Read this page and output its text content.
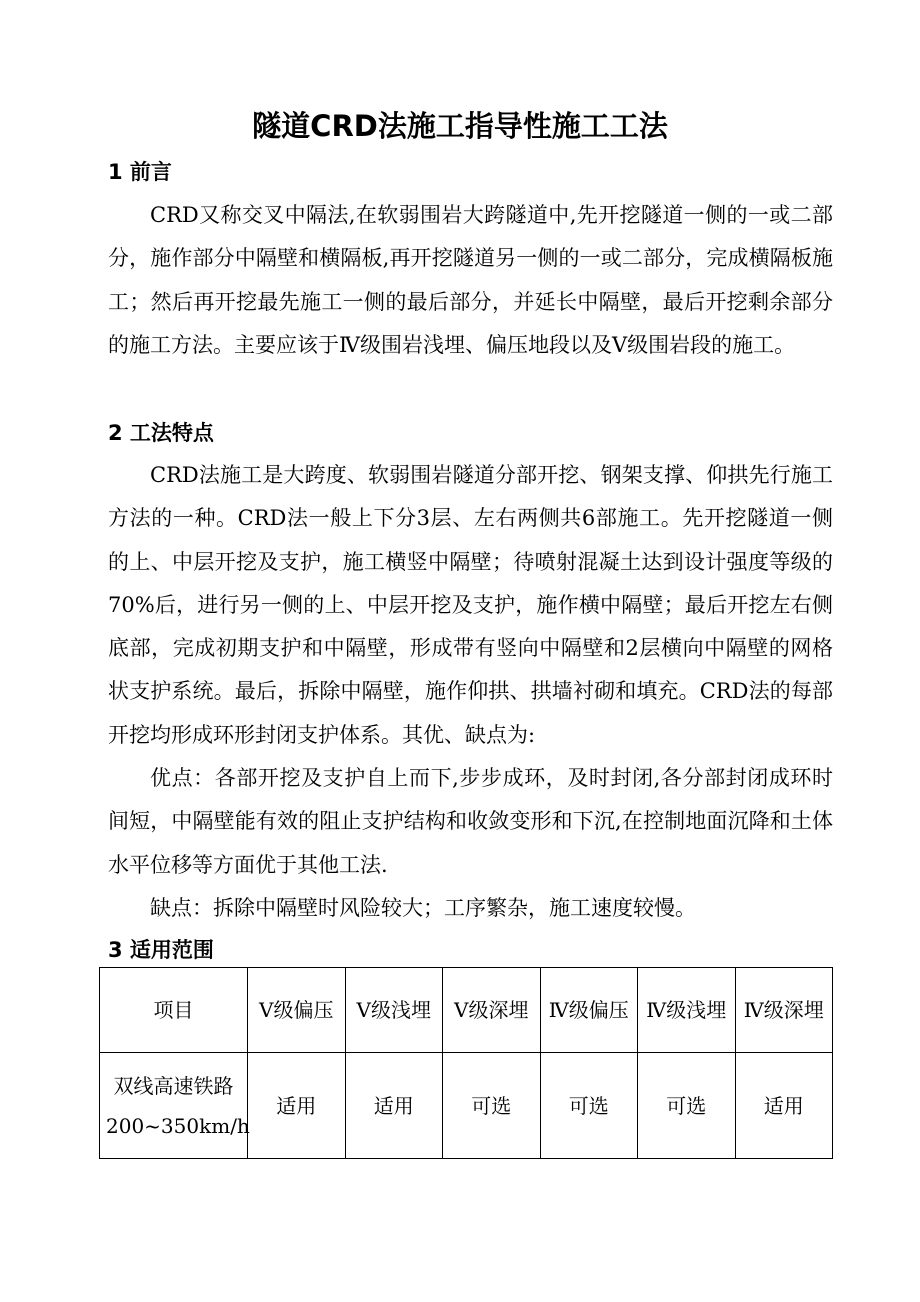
隧道CRD法施工指导性施工工法
1 前言
CRD又称交叉中隔法,在软弱围岩大跨隧道中,先开挖隧道一侧的一或二部分，施作部分中隔壁和横隔板,再开挖隧道另一侧的一或二部分，完成横隔板施工；然后再开挖最先施工一侧的最后部分，并延长中隔壁，最后开挖剩余部分的施工方法。主要应该于Ⅳ级围岩浅埋、偏压地段以及Ⅴ级围岩段的施工。
2 工法特点
CRD法施工是大跨度、软弱围岩隧道分部开挖、钢架支撑、仰拱先行施工方法的一种。CRD法一般上下分3层、左右两侧共6部施工。先开挖隧道一侧的上、中层开挖及支护，施工横竖中隔壁；待喷射混凝土达到设计强度等级的70%后，进行另一侧的上、中层开挖及支护，施作横中隔壁；最后开挖左右侧底部，完成初期支护和中隔壁，形成带有竖向中隔壁和2层横向中隔壁的网格状支护系统。最后，拆除中隔壁，施作仰拱、拱墙衬砌和填充。CRD法的每部开挖均形成环形封闭支护体系。其优、缺点为:
优点：各部开挖及支护自上而下,步步成环，及时封闭,各分部封闭成环时间短，中隔壁能有效的阻止支护结构和收敛变形和下沉,在控制地面沉降和土体水平位移等方面优于其他工法.
缺点：拆除中隔壁时风险较大；工序繁杂，施工速度较慢。
3 适用范围
项目	Ⅴ级偏压	Ⅴ级浅埋	Ⅴ级深埋	Ⅳ级偏压	Ⅳ级浅埋	Ⅳ级深埋
双线高速铁路200~350km/h	适用	适用	可选	可选	可选	适用
